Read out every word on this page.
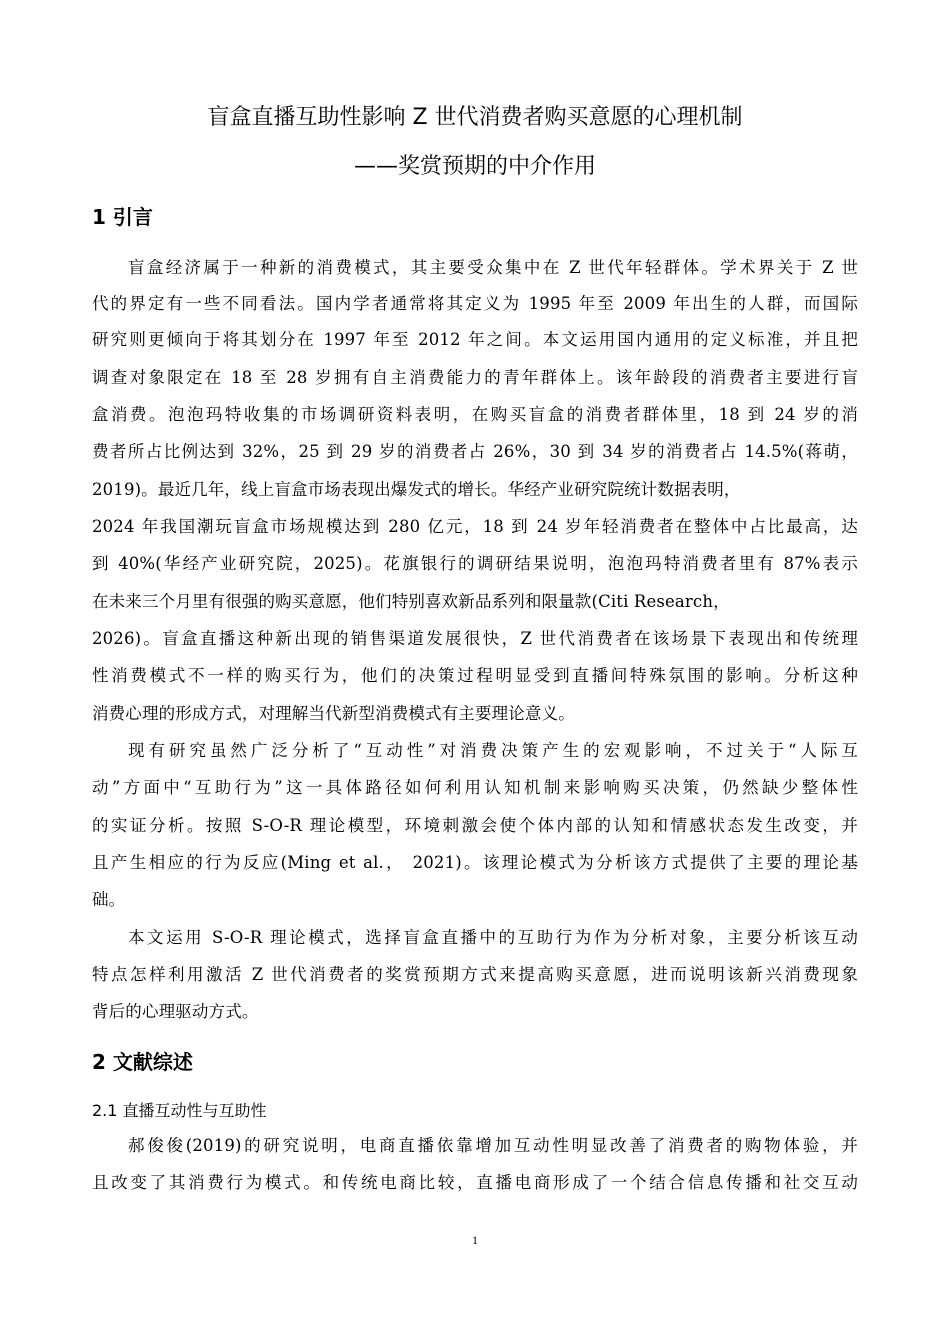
盲盒直播互助性影响 Z 世代消费者购买意愿的心理机制
——奖赏预期的中介作用
1 引言
盲盒经济属于一种新的消费模式，其主要受众集中在 Z 世代年轻群体。学术界关于 Z 世
代的界定有一些不同看法。国内学者通常将其定义为 1995 年至 2009 年出生的人群，而国际
研究则更倾向于将其划分在 1997 年至 2012 年之间。本文运用国内通用的定义标准，并且把
调查对象限定在 18 至 28 岁拥有自主消费能力的青年群体上。该年龄段的消费者主要进行盲
盒消费。泡泡玛特收集的市场调研资料表明，在购买盲盒的消费者群体里，18 到 24 岁的消
费者所占比例达到 32%，25 到 29 岁的消费者占 26%，30 到 34 岁的消费者占 14.5%(蒋萌，
2019)。最近几年，线上盲盒市场表现出爆发式的增长。华经产业研究院统计数据表明，
2024 年我国潮玩盲盒市场规模达到 280 亿元，18 到 24 岁年轻消费者在整体中占比最高，达
到 40%(华经产业研究院，2025)。花旗银行的调研结果说明，泡泡玛特消费者里有 87%表示
在未来三个月里有很强的购买意愿，他们特别喜欢新品系列和限量款(Citi Research，
2026)。盲盒直播这种新出现的销售渠道发展很快，Z 世代消费者在该场景下表现出和传统理
性消费模式不一样的购买行为，他们的决策过程明显受到直播间特殊氛围的影响。分析这种
消费心理的形成方式，对理解当代新型消费模式有主要理论意义。
现有研究虽然广泛分析了“互动性”对消费决策产生的宏观影响，不过关于“人际互
动”方面中“互助行为”这一具体路径如何利用认知机制来影响购买决策，仍然缺少整体性
的实证分析。按照 S-O-R 理论模型，环境刺激会使个体内部的认知和情感状态发生改变，并
且产生相应的行为反应(Ming et al.， 2021)。该理论模式为分析该方式提供了主要的理论基
础。
本文运用 S-O-R 理论模式，选择盲盒直播中的互助行为作为分析对象，主要分析该互动
特点怎样利用激活 Z 世代消费者的奖赏预期方式来提高购买意愿，进而说明该新兴消费现象
背后的心理驱动方式。
2 文献综述
2.1 直播互动性与互助性
郝俊俊(2019)的研究说明，电商直播依靠增加互动性明显改善了消费者的购物体验，并
且改变了其消费行为模式。和传统电商比较，直播电商形成了一个结合信息传播和社交互动
1
